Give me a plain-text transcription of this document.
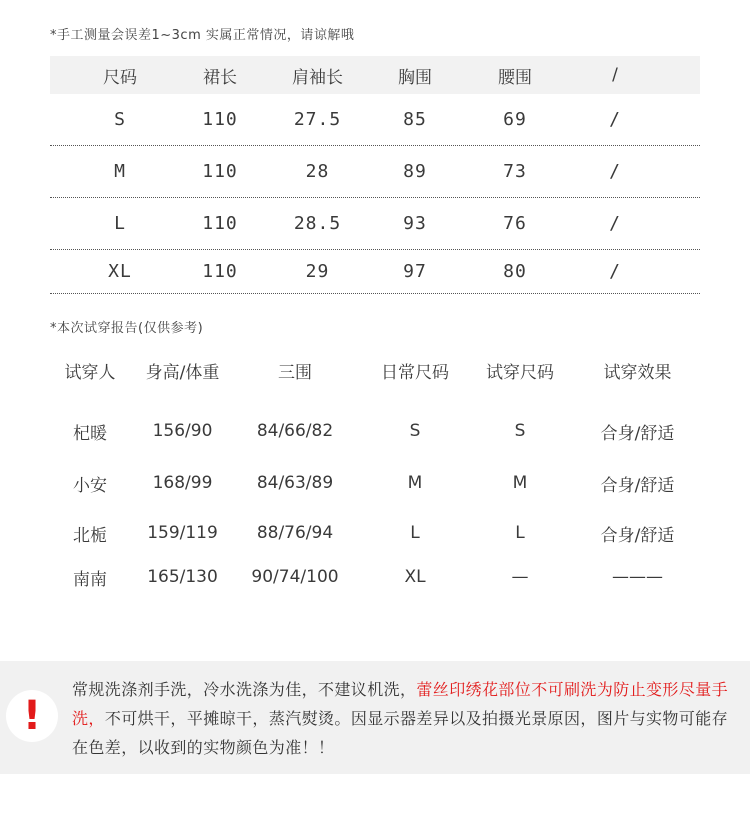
*手工测量会误差1~3cm 实属正常情况，请谅解哦
尺码	裙长	肩袖长	胸围	腰围	/
S	110	27.5	85	69	/
M	110	28	89	73	/
L	110	28.5	93	76	/
XL	110	29	97	80	/
*本次试穿报告(仅供参考)
试穿人	身高/体重	三围	日常尺码	试穿尺码	试穿效果
杞暖	156/90	84/66/82	S	S	合身/舒适
小安	168/99	84/63/89	M	M	合身/舒适
北栀	159/119	88/76/94	L	L	合身/舒适
南南	165/130	90/74/100	XL	—	———
!
常规洗涤剂手洗，冷水洗涤为佳，不建议机洗，蕾丝印绣花部位不可刷洗为防止变形尽量手洗，不可烘干，平摊晾干，蒸汽熨烫。因显示器差异以及拍摄光景原因，图片与实物可能存在色差，以收到的实物颜色为准！！
